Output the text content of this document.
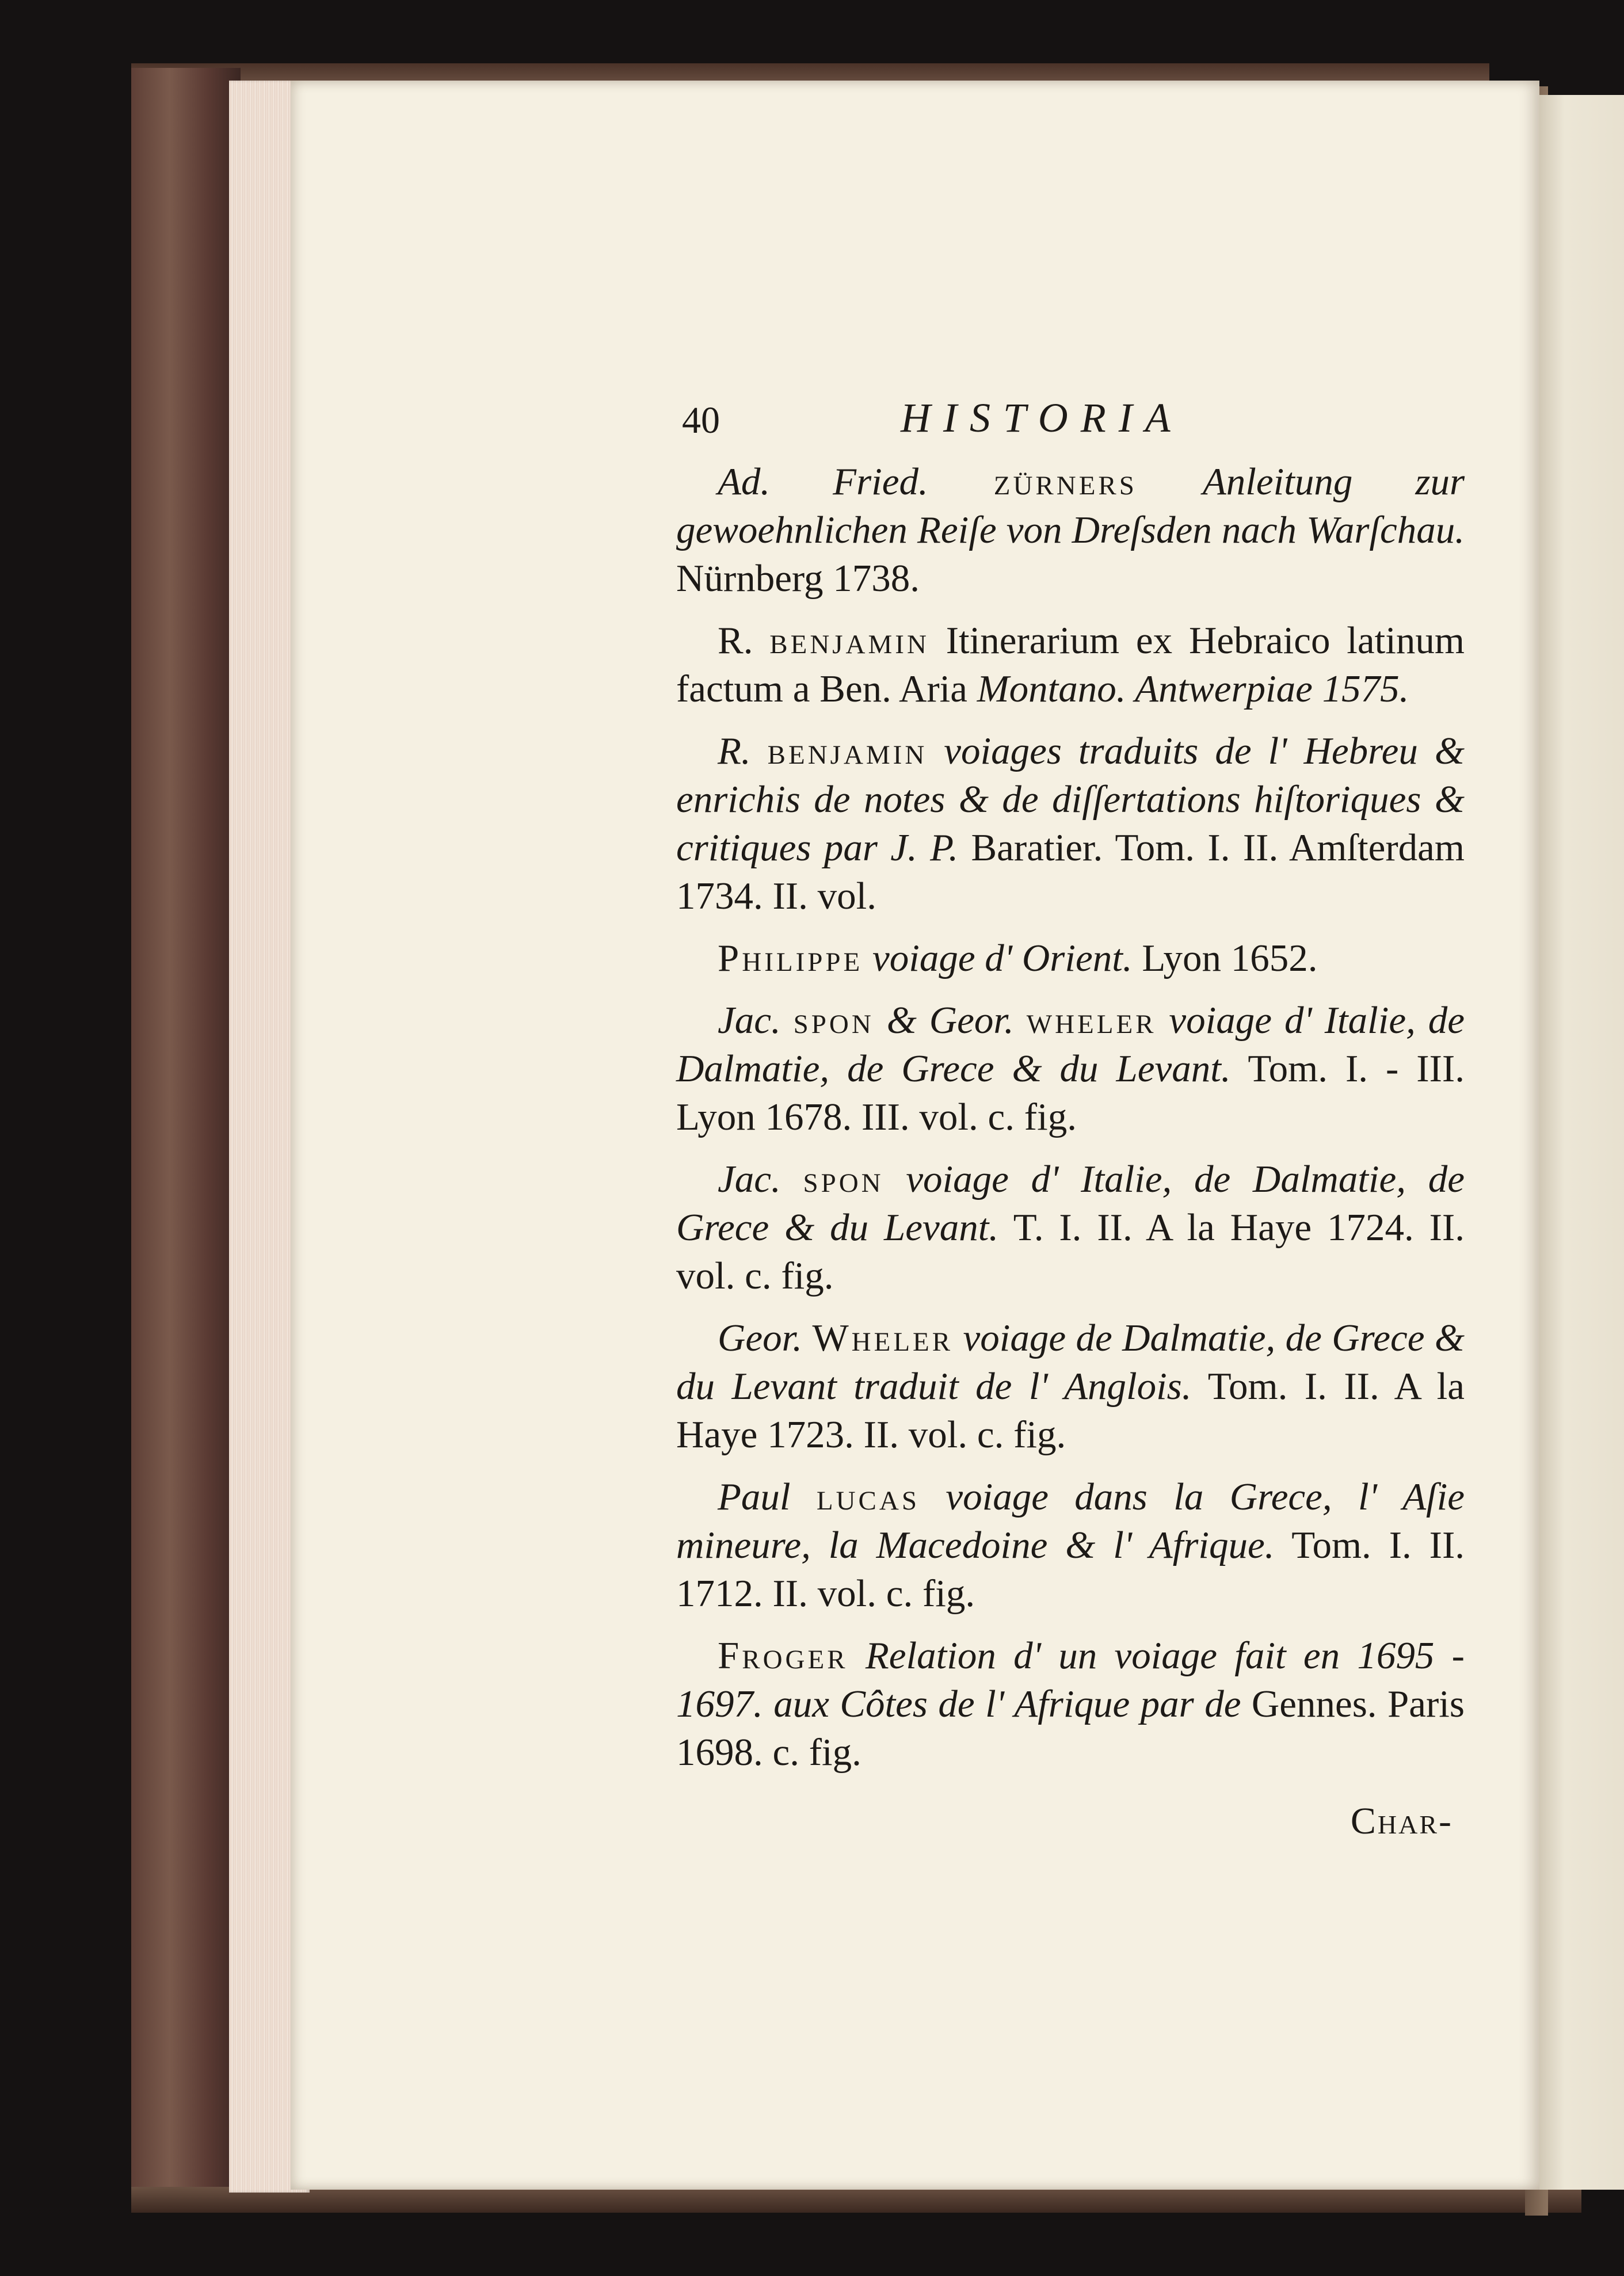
40	HISTORIA

Ad. Fried. zürners Anleitung zur gewoehnlichen Reiſe von Dreſsden nach Warſchau. Nürnberg 1738.

R. benjamin Itinerarium ex Hebraico latinum factum a Ben. Aria Montano. Antwerpiae 1575.

R. benjamin voiages traduits de l' Hebreu & enrichis de notes & de diſſertations hiſtoriques & critiques par J. P. Baratier. Tom. I. II. Amſterdam 1734. II. vol.

Philippe voiage d' Orient. Lyon 1652.

Jac. spon & Geor. wheler voiage d' Italie, de Dalmatie, de Grece & du Levant. Tom. I. - III. Lyon 1678. III. vol. c. fig.

Jac. spon voiage d' Italie, de Dalmatie, de Grece & du Levant. T. I. II. A la Haye 1724. II. vol. c. fig.

Geor. Wheler voiage de Dalmatie, de Grece & du Levant traduit de l' Anglois. Tom. I. II. A la Haye 1723. II. vol. c. fig.

Paul lucas voiage dans la Grece, l' Aſie mineure, la Macedoine & l' Afrique. Tom. I. II. 1712. II. vol. c. fig.

Froger Relation d' un voiage fait en 1695 - 1697. aux Côtes de l' Afrique par de Gennes. Paris 1698. c. fig.

Char-
